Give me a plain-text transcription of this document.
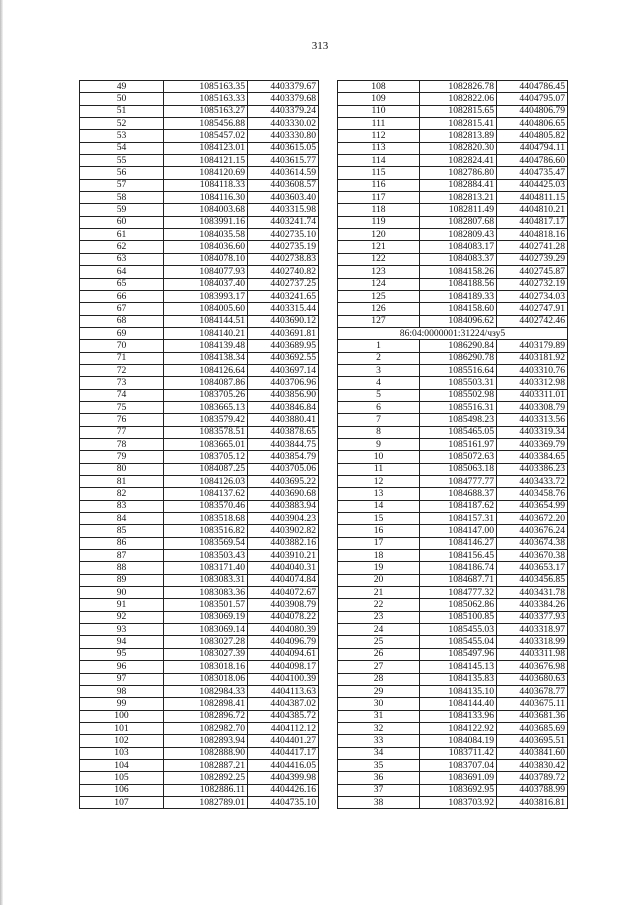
313
49	1085163.35	4403379.67
50	1085163.33	4403379.68
51	1085163.27	4403379.24
52	1085456.88	4403330.02
53	1085457.02	4403330.80
54	1084123.01	4403615.05
55	1084121.15	4403615.77
56	1084120.69	4403614.59
57	1084118.33	4403608.57
58	1084116.30	4403603.40
59	1084003.68	4403315.98
60	1083991.16	4403241.74
61	1084035.58	4402735.10
62	1084036.60	4402735.19
63	1084078.10	4402738.83
64	1084077.93	4402740.82
65	1084037.40	4402737.25
66	1083993.17	4403241.65
67	1084005.60	4403315.44
68	1084144.51	4403690.12
69	1084140.21	4403691.81
70	1084139.48	4403689.95
71	1084138.34	4403692.55
72	1084126.64	4403697.14
73	1084087.86	4403706.96
74	1083705.26	4403856.90
75	1083665.13	4403846.84
76	1083579.42	4403880.41
77	1083578.51	4403878.65
78	1083665.01	4403844.75
79	1083705.12	4403854.79
80	1084087.25	4403705.06
81	1084126.03	4403695.22
82	1084137.62	4403690.68
83	1083570.46	4403883.94
84	1083518.68	4403904.23
85	1083516.82	4403902.82
86	1083569.54	4403882.16
87	1083503.43	4403910.21
88	1083171.40	4404040.31
89	1083083.31	4404074.84
90	1083083.36	4404072.67
91	1083501.57	4403908.79
92	1083069.19	4404078.22
93	1083069.14	4404080.39
94	1083027.28	4404096.79
95	1083027.39	4404094.61
96	1083018.16	4404098.17
97	1083018.06	4404100.39
98	1082984.33	4404113.63
99	1082898.41	4404387.02
100	1082896.72	4404385.72
101	1082982.70	4404112.12
102	1082893.94	4404401.27
103	1082888.90	4404417.17
104	1082887.21	4404416.05
105	1082892.25	4404399.98
106	1082886.11	4404426.16
107	1082789.01	4404735.10
108	1082826.78	4404786.45
109	1082822.06	4404795.07
110	1082815.65	4404806.79
111	1082815.41	4404806.65
112	1082813.89	4404805.82
113	1082820.30	4404794.11
114	1082824.41	4404786.60
115	1082786.80	4404735.47
116	1082884.41	4404425.03
117	1082813.21	4404811.15
118	1082811.49	4404810.21
119	1082807.68	4404817.17
120	1082809.43	4404818.16
121	1084083.17	4402741.28
122	1084083.37	4402739.29
123	1084158.26	4402745.87
124	1084188.56	4402732.19
125	1084189.33	4402734.03
126	1084158.60	4402747.91
127	1084096.62	4402742.46
86:04:0000001:31224/чзу5		
1	1086290.84	4403179.89
2	1086290.78	4403181.92
3	1085516.64	4403310.76
4	1085503.31	4403312.98
5	1085502.98	4403311.01
6	1085516.31	4403308.79
7	1085498.23	4403313.56
8	1085465.05	4403319.34
9	1085161.97	4403369.79
10	1085072.63	4403384.65
11	1085063.18	4403386.23
12	1084777.77	4403433.72
13	1084688.37	4403458.76
14	1084187.62	4403654.99
15	1084157.31	4403672.20
16	1084147.00	4403676.24
17	1084146.27	4403674.38
18	1084156.45	4403670.38
19	1084186.74	4403653.17
20	1084687.71	4403456.85
21	1084777.32	4403431.78
22	1085062.86	4403384.26
23	1085100.85	4403377.93
24	1085455.03	4403318.97
25	1085455.04	4403318.99
26	1085497.96	4403311.98
27	1084145.13	4403676.98
28	1084135.83	4403680.63
29	1084135.10	4403678.77
30	1084144.40	4403675.11
31	1084133.96	4403681.36
32	1084122.92	4403685.69
33	1084084.19	4403695.51
34	1083711.42	4403841.60
35	1083707.04	4403830.42
36	1083691.09	4403789.72
37	1083692.95	4403788.99
38	1083703.92	4403816.81
